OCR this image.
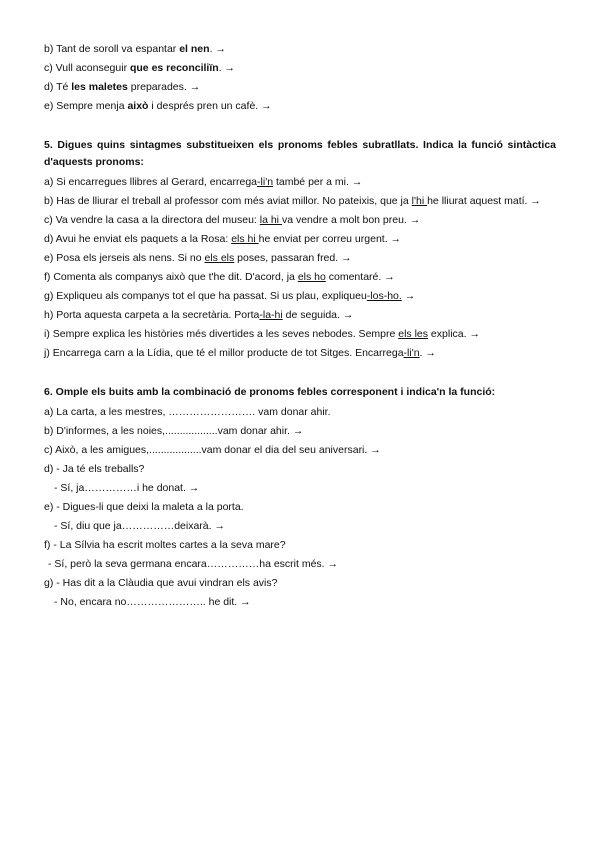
b) Tant de soroll va espantar el nen. →
c) Vull aconseguir que es reconciliïn. →
d) Té les maletes preparades. →
e) Sempre menja això i després pren un cafè. →
5. Digues quins sintagmes substitueixen els pronoms febles subratllats. Indica la funció sintàctica d'aquests pronoms:
a) Si encarregues llibres al Gerard, encarrega-li'n també per a mi. →
b) Has de lliurar el treball al professor com més aviat millor. No pateixis, que ja l'hi he lliurat aquest matí. →
c) Va vendre la casa a la directora del museu: la hi va vendre a molt bon preu. →
d) Avui he enviat els paquets a la Rosa: els hi he enviat per correu urgent. →
e) Posa els jerseis als nens. Si no els els poses, passaran fred. →
f) Comenta als companys això que t'he dit. D'acord, ja els ho comentaré. →
g) Expliqueu als companys tot el que ha passat. Si us plau, expliqueu-los-ho. →
h) Porta aquesta carpeta a la secretària. Porta-la-hi de seguida. →
i) Sempre explica les històries més divertides a les seves nebodes. Sempre els les explica. →
j) Encarrega carn a la Lídia, que té el millor producte de tot Sitges. Encarrega-li'n. →
6. Omple els buits amb la combinació de pronoms febles corresponent i indica'n la funció:
a) La carta, a les mestres, ……………………. vam donar ahir.
b) D'informes, a les noies,..................vam donar ahir. →
c) Això, a les amigues,..................vam donar el dia del seu aniversari. →
d) - Ja té els treballs?
- Sí, ja……………i he donat. →
e) - Digues-li que deixi la maleta a la porta.
- Sí, diu que ja……………deixarà. →
f) - La Sílvia ha escrit moltes cartes a la seva mare?
- Sí, però la seva germana encara……………ha escrit més. →
g) - Has dit a la Clàudia que avui vindran els avis?
- No, encara no………………….. he dit. →
